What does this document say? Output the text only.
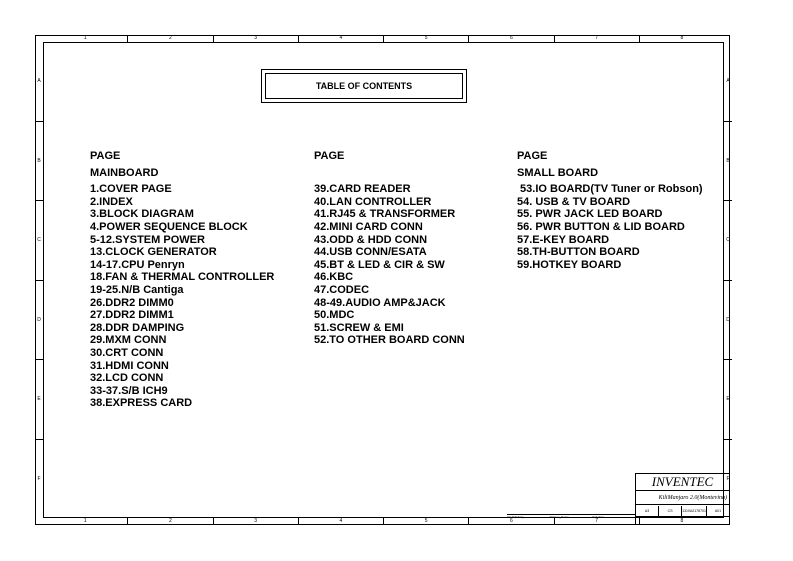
1	2	3	4	5	6	7	8
1	2	3	4	5	6	7	8
A
B
C
D
E
F
A
B
C
D
E
F
TABLE OF CONTENTS
PAGE
MAINBOARD
1.COVER PAGE
2.INDEX
3.BLOCK DIAGRAM
4.POWER SEQUENCE BLOCK
5-12.SYSTEM POWER
13.CLOCK GENERATOR
14-17.CPU Penryn
18.FAN & THERMAL CONTROLLER
19-25.N/B Cantiga
26.DDR2 DIMM0
27.DDR2 DIMM1
28.DDR DAMPING
29.MXM CONN
30.CRT CONN
31.HDMI CONN
32.LCD CONN
33-37.S/B ICH9
38.EXPRESS CARD
PAGE
39.CARD READER
40.LAN CONTROLLER
41.RJ45 & TRANSFORMER
42.MINI CARD CONN
43.ODD & HDD CONN
44.USB CONN/ESATA
45.BT & LED & CIR & SW
46.KBC
47.CODEC
48-49.AUDIO AMP&JACK
50.MDC
51.SCREW & EMI
52.TO OTHER BOARD CONN
PAGE
SMALL BOARD
53.IO BOARD(TV Tuner or Robson)
54. USB & TV BOARD
55. PWR JACK LED BOARD
56. PWR BUTTON & LID BOARD
57.E-KEY BOARD
58.TH-BUTTON BOARD
59.HOTKEY BOARD
CHANGE by	Drawer_Name	Sch.date
INVENTEC
KiliManjaro 2.0(Montevina)
A3	CS	1310A2178701	A01
